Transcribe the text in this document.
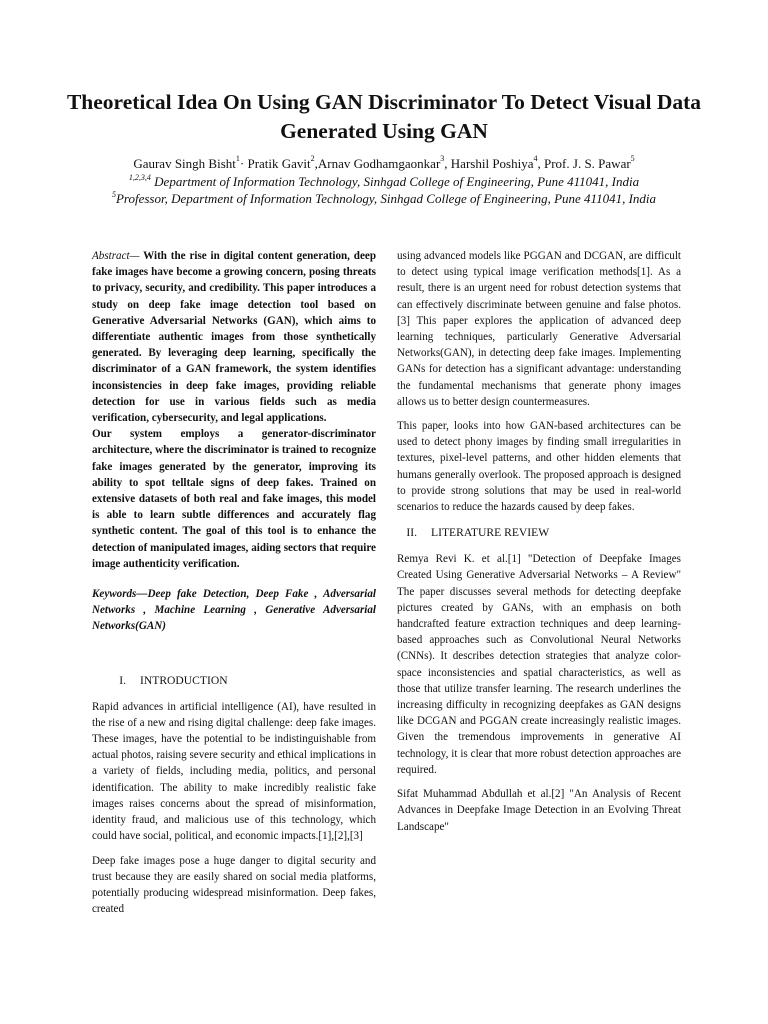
Theoretical Idea On Using GAN Discriminator To Detect Visual Data Generated Using GAN
Gaurav Singh Bisht$^1$· Pratik Gavit$^2$,Arnav Godhamgaonkar$^3$, Harshil Poshiya$^4$, Prof. J. S. Pawar$^5$
$^{1,2,3,4}$ Department of Information Technology, Sinhgad College of Engineering, Pune 411041, India
$^5$Professor, Department of Information Technology, Sinhgad College of Engineering, Pune 411041, India

Abstract— With the rise in digital content generation, deep fake images have become a growing concern, posing threats to privacy, security, and credibility. This paper introduces a study on deep fake image detection tool based on Generative Adversarial Networks (GAN), which aims to differentiate authentic images from those synthetically generated. By leveraging deep learning, specifically the discriminator of a GAN framework, the system identifies inconsistencies in deep fake images, providing reliable detection for use in various fields such as media verification, cybersecurity, and legal applications.

Our system employs a generator-discriminator architecture, where the discriminator is trained to recognize fake images generated by the generator, improving its ability to spot telltale signs of deep fakes. Trained on extensive datasets of both real and fake images, this model is able to learn subtle differences and accurately flag synthetic content. The goal of this tool is to enhance the detection of manipulated images, aiding sectors that require image authenticity verification.

Keywords—Deep fake Detection, Deep Fake , Adversarial Networks , Machine Learning , Generative Adversarial Networks(GAN)

I. INTRODUCTION

Rapid advances in artificial intelligence (AI), have resulted in the rise of a new and rising digital challenge: deep fake images. These images, have the potential to be indistinguishable from actual photos, raising severe security and ethical implications in a variety of fields, including media, politics, and personal identification. The ability to make incredibly realistic fake images raises concerns about the spread of misinformation, identity fraud, and malicious use of this technology, which could have social, political, and economic impacts.[1],[2],[3]

Deep fake images pose a huge danger to digital security and trust because they are easily shared on social media platforms, potentially producing widespread misinformation. Deep fakes, created

using advanced models like PGGAN and DCGAN, are difficult to detect using typical image verification methods[1]. As a result, there is an urgent need for robust detection systems that can effectively discriminate between genuine and false photos. [3] This paper explores the application of advanced deep learning techniques, particularly Generative Adversarial Networks(GAN), in detecting deep fake images. Implementing GANs for detection has a significant advantage: understanding the fundamental mechanisms that generate phony images allows us to better design countermeasures.

This paper, looks into how GAN-based architectures can be used to detect phony images by finding small irregularities in textures, pixel-level patterns, and other hidden elements that humans generally overlook. The proposed approach is designed to provide strong solutions that may be used in real-world scenarios to reduce the hazards caused by deep fakes.

II. LITERATURE REVIEW

Remya Revi K. et al.[1] "Detection of Deepfake Images Created Using Generative Adversarial Networks – A Review" The paper discusses several methods for detecting deepfake pictures created by GANs, with an emphasis on both handcrafted feature extraction techniques and deep learning-based approaches such as Convolutional Neural Networks (CNNs). It describes detection strategies that analyze color-space inconsistencies and spatial characteristics, as well as those that utilize transfer learning. The research underlines the increasing difficulty in recognizing deepfakes as GAN designs like DCGAN and PGGAN create increasingly realistic images. Given the tremendous improvements in generative AI technology, it is clear that more robust detection approaches are required.

Sifat Muhammad Abdullah et al.[2] "An Analysis of Recent Advances in Deepfake Image Detection in an Evolving Threat Landscape"
